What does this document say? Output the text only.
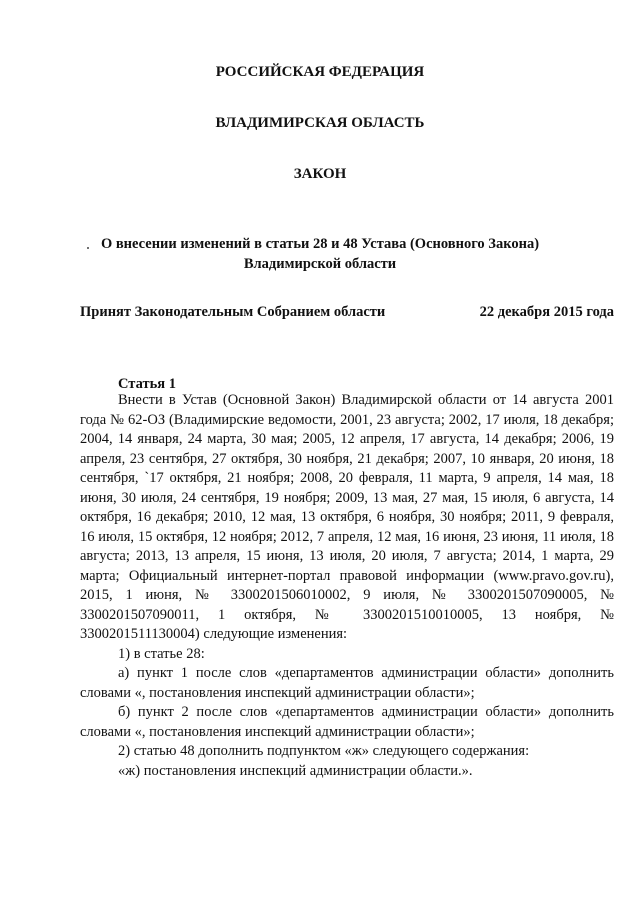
РОССИЙСКАЯ ФЕДЕРАЦИЯ
ВЛАДИМИРСКАЯ ОБЛАСТЬ
ЗАКОН
О внесении изменений в статьи 28 и 48 Устава (Основного Закона)
Владимирской области
Принят Законодательным Собранием области	22 декабря 2015 года
Статья 1

Внести в Устав (Основной Закон) Владимирской области от 14 августа 2001 года № 62-ОЗ (Владимирские ведомости, 2001, 23 августа; 2002, 17 июля, 18 декабря; 2004, 14 января, 24 марта, 30 мая; 2005, 12 апреля, 17 августа, 14 декабря; 2006, 19 апреля, 23 сентября, 27 октября, 30 ноября, 21 декабря; 2007, 10 января, 20 июня, 18 сентября, `17 октября, 21 ноября; 2008, 20 февраля, 11 марта, 9 апреля, 14 мая, 18 июня, 30 июля, 24 сентября, 19 ноября; 2009, 13 мая, 27 мая, 15 июля, 6 августа, 14 октября, 16 декабря; 2010, 12 мая, 13 октября, 6 ноября, 30 ноября; 2011, 9 февраля, 16 июля, 15 октября, 12 ноября; 2012, 7 апреля, 12 мая, 16 июня, 23 июня, 11 июля, 18 августа; 2013, 13 апреля, 15 июня, 13 июля, 20 июля, 7 августа; 2014, 1 марта, 29 марта; Официальный интернет-портал правовой информации (www.pravo.gov.ru), 2015, 1 июня, № 3300201506010002, 9 июля, № 3300201507090005, № 3300201507090011, 1 октября, № 3300201510010005, 13 ноября, № 3300201511130004) следующие изменения:

1) в статье 28:

а) пункт 1 после слов «департаментов администрации области» дополнить словами «, постановления инспекций администрации области»;

б) пункт 2 после слов «департаментов администрации области» дополнить словами «, постановления инспекций администрации области»;

2) статью 48 дополнить подпунктом «ж» следующего содержания:

«ж) постановления инспекций администрации области.».
